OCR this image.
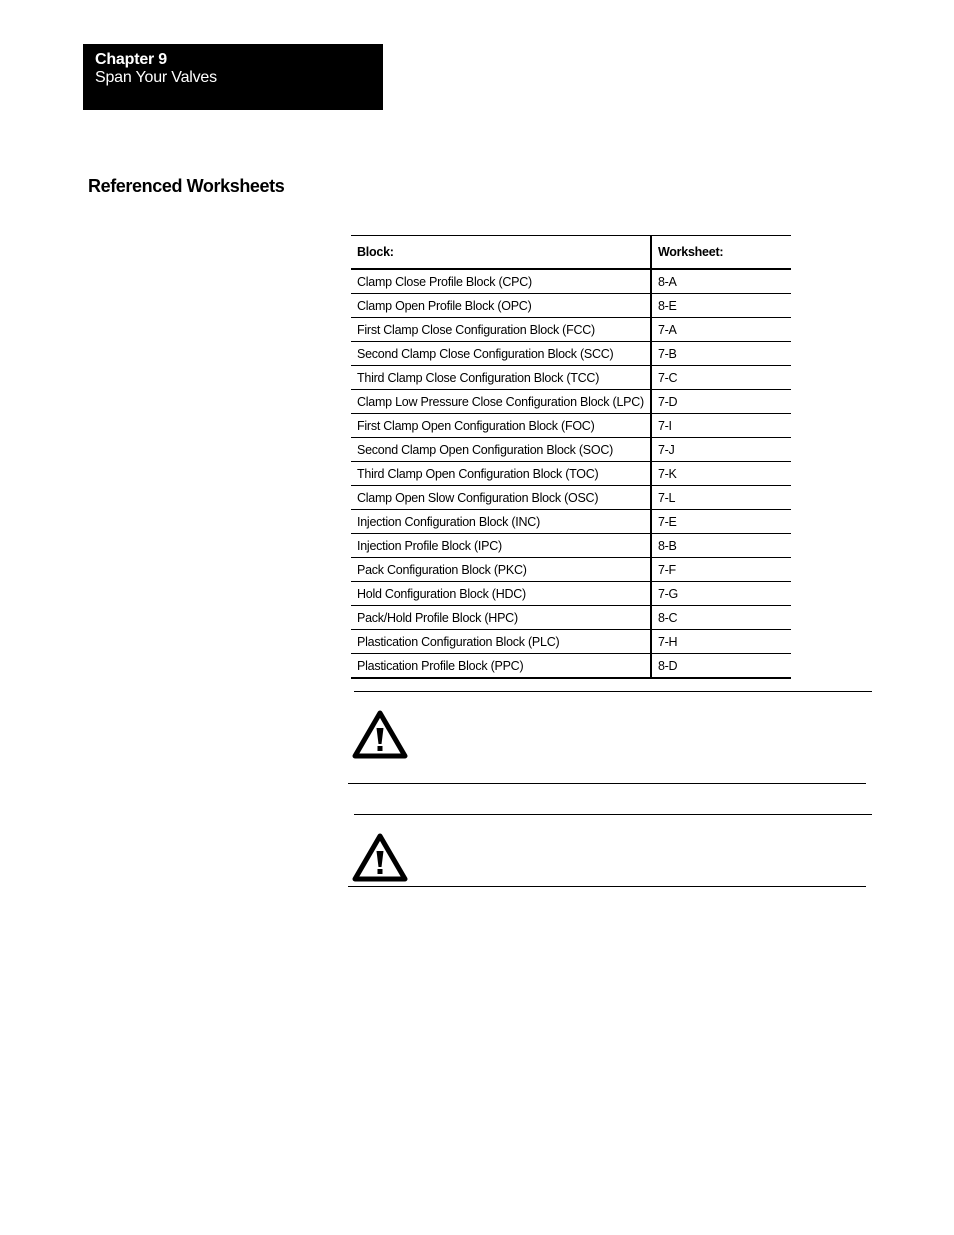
Chapter 9
Span Your Valves
Referenced Worksheets
Block:	Worksheet:
Clamp Close Profile Block (CPC)	8-A
Clamp Open Profile Block (OPC)	8-E
First Clamp Close Configuration Block (FCC)	7-A
Second Clamp Close Configuration Block (SCC)	7-B
Third Clamp Close Configuration Block (TCC)	7-C
Clamp Low Pressure Close Configuration Block (LPC)	7-D
First Clamp Open Configuration Block (FOC)	7-I
Second Clamp Open Configuration Block (SOC)	7-J
Third Clamp Open Configuration Block (TOC)	7-K
Clamp Open Slow Configuration Block (OSC)	7-L
Injection Configuration Block (INC)	7-E
Injection Profile Block (IPC)	8-B
Pack Configuration Block (PKC)	7-F
Hold Configuration Block (HDC)	7-G
Pack/Hold Profile Block (HPC)	8-C
Plastication Configuration Block (PLC)	7-H
Plastication Profile Block (PPC)	8-D
